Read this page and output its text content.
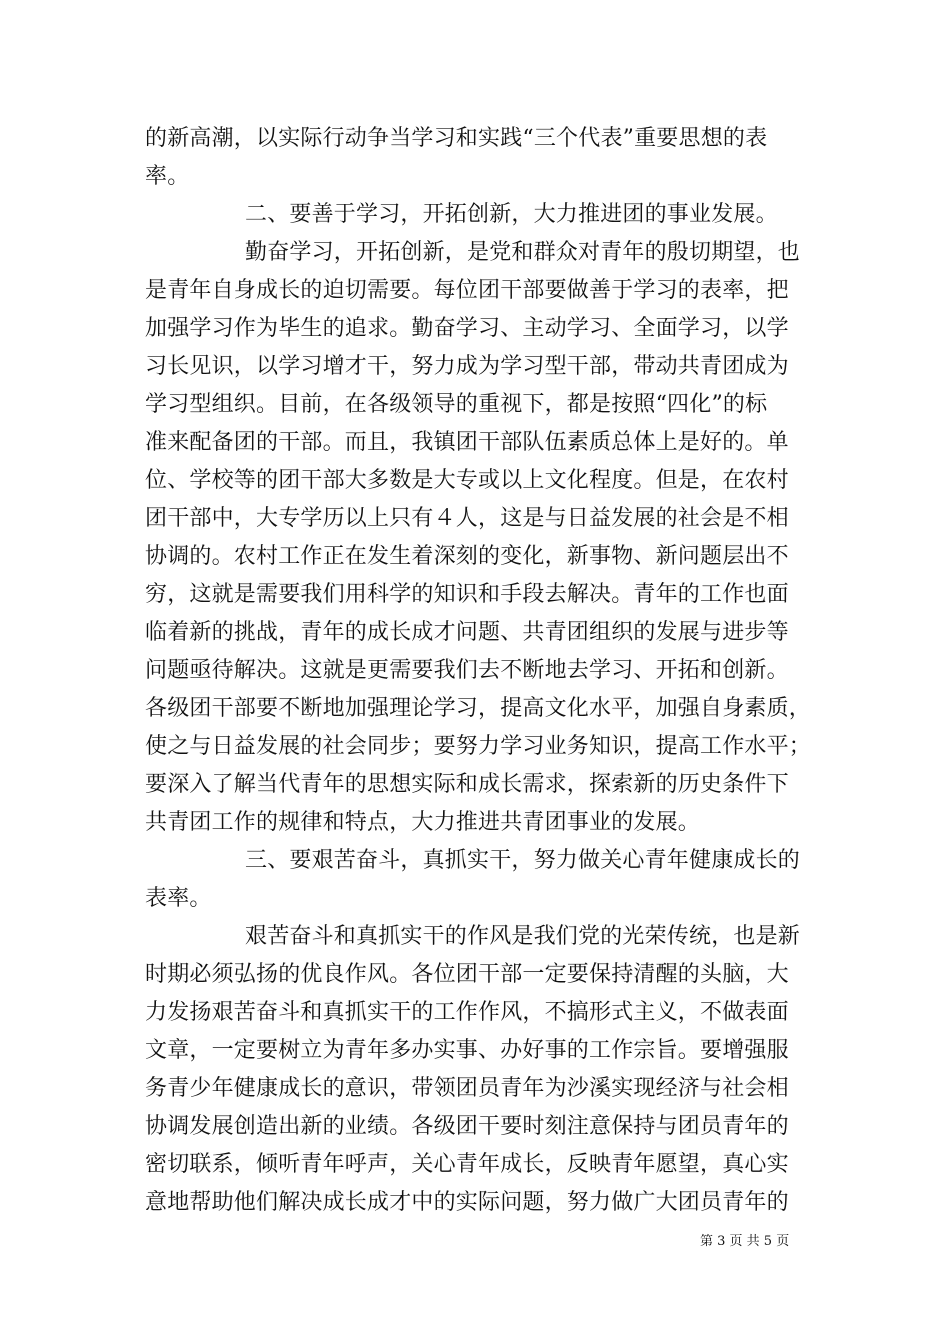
的新高潮，以实际行动争当学习和实践“三个代表”重要思想的表
率。
二、要善于学习，开拓创新，大力推进团的事业发展。
勤奋学习，开拓创新，是党和群众对青年的殷切期望，也
是青年自身成长的迫切需要。每位团干部要做善于学习的表率，把
加强学习作为毕生的追求。勤奋学习、主动学习、全面学习，以学
习长见识，以学习增才干，努力成为学习型干部，带动共青团成为
学习型组织。目前，在各级领导的重视下，都是按照“四化”的标
准来配备团的干部。而且，我镇团干部队伍素质总体上是好的。单
位、学校等的团干部大多数是大专或以上文化程度。但是，在农村
团干部中，大专学历以上只有４人，这是与日益发展的社会是不相
协调的。农村工作正在发生着深刻的变化，新事物、新问题层出不
穷，这就是需要我们用科学的知识和手段去解决。青年的工作也面
临着新的挑战，青年的成长成才问题、共青团组织的发展与进步等
问题亟待解决。这就是更需要我们去不断地去学习、开拓和创新。
各级团干部要不断地加强理论学习，提高文化水平，加强自身素质，
使之与日益发展的社会同步；要努力学习业务知识，提高工作水平；
要深入了解当代青年的思想实际和成长需求，探索新的历史条件下
共青团工作的规律和特点，大力推进共青团事业的发展。
三、要艰苦奋斗，真抓实干，努力做关心青年健康成长的
表率。
艰苦奋斗和真抓实干的作风是我们党的光荣传统，也是新
时期必须弘扬的优良作风。各位团干部一定要保持清醒的头脑，大
力发扬艰苦奋斗和真抓实干的工作作风，不搞形式主义，不做表面
文章，一定要树立为青年多办实事、办好事的工作宗旨。要增强服
务青少年健康成长的意识，带领团员青年为沙溪实现经济与社会相
协调发展创造出新的业绩。各级团干要时刻注意保持与团员青年的
密切联系，倾听青年呼声，关心青年成长，反映青年愿望，真心实
意地帮助他们解决成长成才中的实际问题，努力做广大团员青年的
第 3 页 共 5 页
